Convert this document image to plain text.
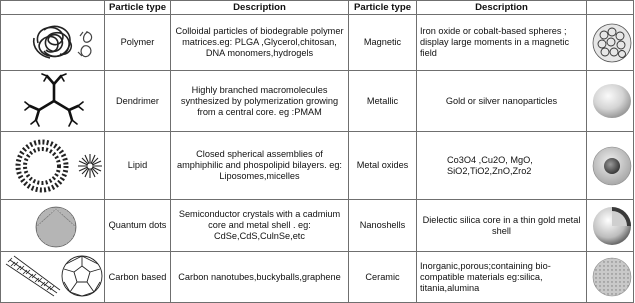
	Particle type	Description	Particle type	Description	

	Polymer	Colloidal particles of biodegrable polymer matrices.eg: PLGA ,Glycerol,chitosan, DNA monomers,hydrogels	Magnetic	Iron oxide or cobalt-based spheres ; display large moments in a magnetic field	

	Dendrimer	Highly branched macromolecules synthesized by polymerization growing from a central core. eg :PMAM	Metallic	Gold or silver nanoparticles	

	Lipid	Closed spherical assemblies of amphiphilic and phospolipid bilayers. eg: Liposomes,micelles	Metal oxides	Co3O4 ,Cu2O, MgO, SiO2,TiO2,ZnO,Zro2	

	Quantum dots	Semiconductor crystals with a cadmium core and metal shell . eg: CdSe,CdS,CulnSe,etc	Nanoshells	Dielectic silica core in a thin gold metal shell	

	Carbon based	Carbon nanotubes,buckyballs,graphene	Ceramic	Inorganic,porous;containing bio-compatible materials eg:silica, titania,alumina	
